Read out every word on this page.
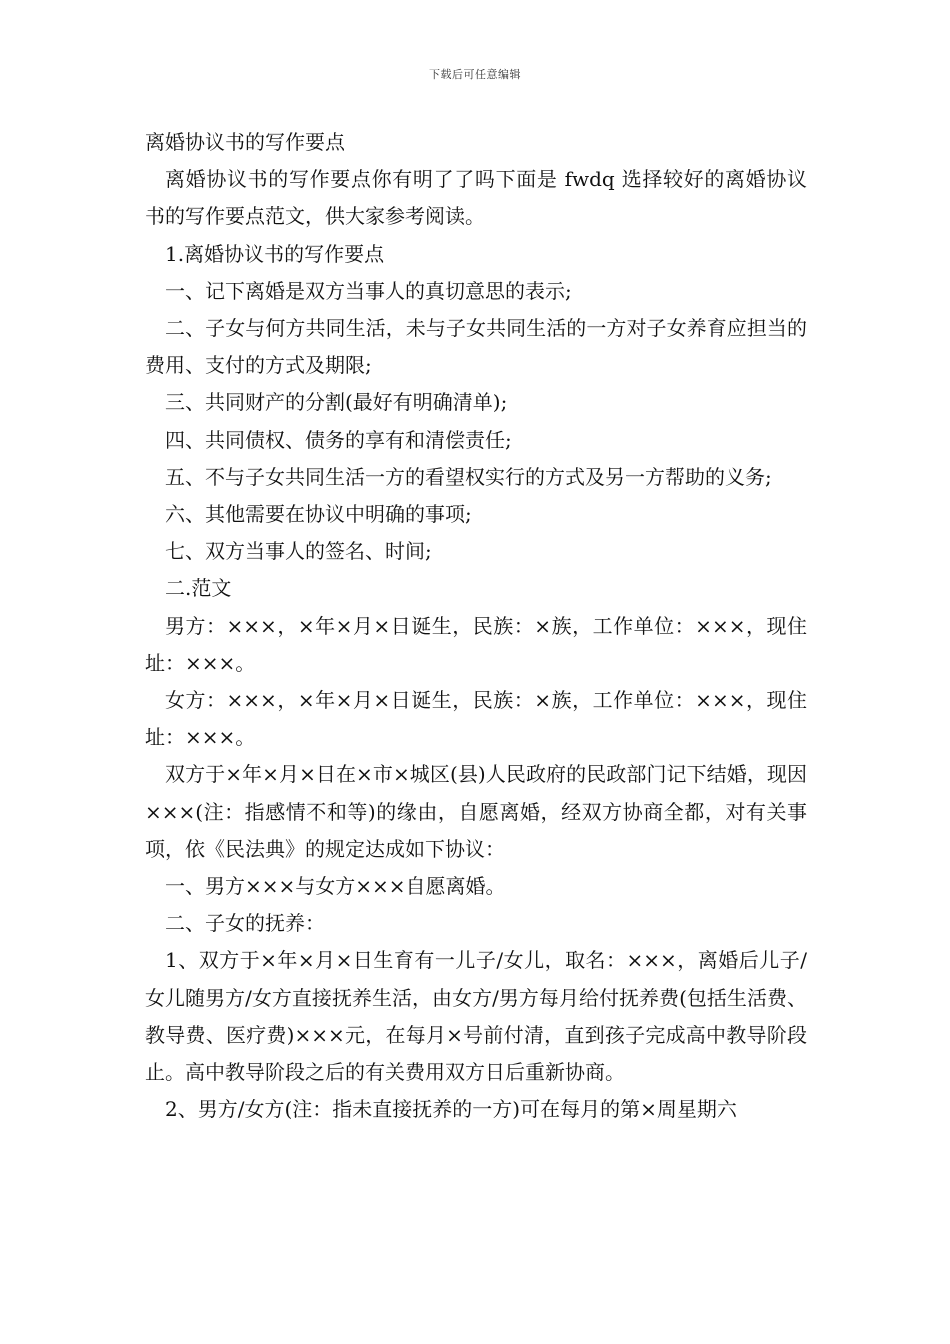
下载后可任意编辑

离婚协议书的写作要点

离婚协议书的写作要点你有明了了吗下面是 fwdq 选择较好的离婚协议书的写作要点范文，供大家参考阅读。

1.离婚协议书的写作要点

一、记下离婚是双方当事人的真切意思的表示;

二、子女与何方共同生活，未与子女共同生活的一方对子女养育应担当的费用、支付的方式及期限;

三、共同财产的分割(最好有明确清单);

四、共同债权、债务的享有和清偿责任;

五、不与子女共同生活一方的看望权实行的方式及另一方帮助的义务;

六、其他需要在协议中明确的事项;

七、双方当事人的签名、时间;

二.范文

男方：×××，×年×月×日诞生，民族：×族，工作单位：×××，现住址：×××。

女方：×××，×年×月×日诞生，民族：×族，工作单位：×××，现住址：×××。

双方于×年×月×日在×市×城区(县)人民政府的民政部门记下结婚，现因×××(注：指感情不和等)的缘由，自愿离婚，经双方协商全都，对有关事项，依《民法典》的规定达成如下协议：

一、男方×××与女方×××自愿离婚。

二、子女的抚养：

1、双方于×年×月×日生育有一儿子/女儿，取名：×××，离婚后儿子/女儿随男方/女方直接抚养生活，由女方/男方每月给付抚养费(包括生活费、教导费、医疗费)×××元，在每月×号前付清，直到孩子完成高中教导阶段止。高中教导阶段之后的有关费用双方日后重新协商。

2、男方/女方(注：指未直接抚养的一方)可在每月的第×周星期六
